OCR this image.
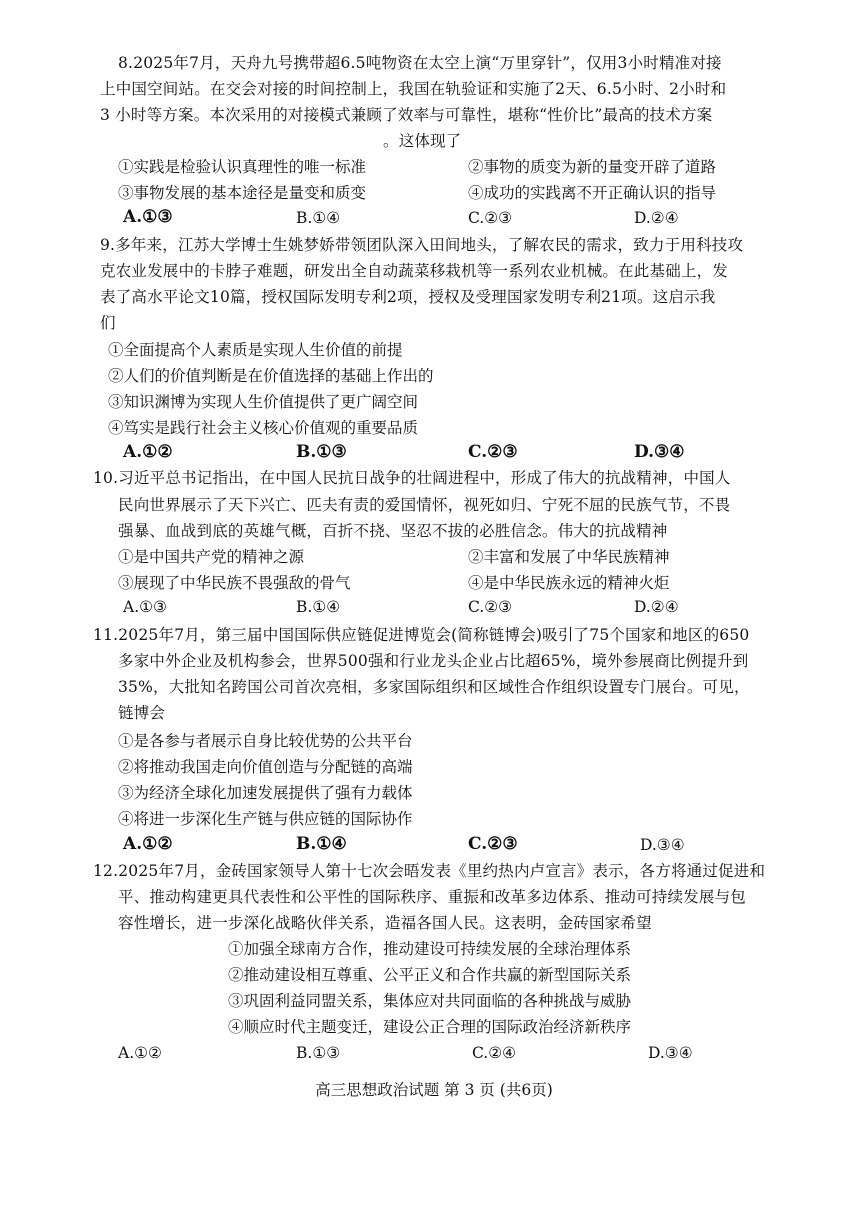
8.2025年7月，天舟九号携带超6.5吨物资在太空上演“万里穿针”，仅用3小时精准对接
上中国空间站。在交会对接的时间控制上，我国在轨验证和实施了2天、6.5小时、2小时和
3 小时等方案。本次采用的对接模式兼顾了效率与可靠性，堪称“性价比”最高的技术方案
。这体现了
①实践是检验认识真理性的唯一标准	②事物的质变为新的量变开辟了道路
③事物发展的基本途径是量变和质变	④成功的实践离不开正确认识的指导
A.①③	B.①④	C.②③	D.②④
9.多年来，江苏大学博士生姚梦娇带领团队深入田间地头，了解农民的需求，致力于用科技攻
克农业发展中的卡脖子难题，研发出全自动蔬菜移栽机等一系列农业机械。在此基础上，发
表了高水平论文10篇，授权国际发明专利2项，授权及受理国家发明专利21项。这启示我
们
①全面提高个人素质是实现人生价值的前提
②人们的价值判断是在价值选择的基础上作出的
③知识渊博为实现人生价值提供了更广阔空间
④笃实是践行社会主义核心价值观的重要品质
A.①②	B.①③	C.②③	D.③④
10.习近平总书记指出，在中国人民抗日战争的壮阔进程中，形成了伟大的抗战精神，中国人
民向世界展示了天下兴亡、匹夫有责的爱国情怀，视死如归、宁死不屈的民族气节，不畏
强暴、血战到底的英雄气概，百折不挠、坚忍不拔的必胜信念。伟大的抗战精神
①是中国共产党的精神之源	②丰富和发展了中华民族精神
③展现了中华民族不畏强敌的骨气	④是中华民族永远的精神火炬
A.①③	B.①④	C.②③	D.②④
11.2025年7月，第三届中国国际供应链促进博览会(简称链博会)吸引了75个国家和地区的650
多家中外企业及机构参会，世界500强和行业龙头企业占比超65%，境外参展商比例提升到
35%，大批知名跨国公司首次亮相，多家国际组织和区域性合作组织设置专门展台。可见，
链博会
①是各参与者展示自身比较优势的公共平台
②将推动我国走向价值创造与分配链的高端
③为经济全球化加速发展提供了强有力载体
④将进一步深化生产链与供应链的国际协作
A.①②	B.①④	C.②③	D.③④
12.2025年7月，金砖国家领导人第十七次会晤发表《里约热内卢宣言》表示，各方将通过促进和
平、推动构建更具代表性和公平性的国际秩序、重振和改革多边体系、推动可持续发展与包
容性增长，进一步深化战略伙伴关系，造福各国人民。这表明，金砖国家希望
①加强全球南方合作，推动建设可持续发展的全球治理体系
②推动建设相互尊重、公平正义和合作共赢的新型国际关系
③巩固利益同盟关系，集体应对共同面临的各种挑战与威胁
④顺应时代主题变迁，建设公正合理的国际政治经济新秩序
A.①②	B.①③	C.②④	D.③④
高三思想政治试题 第 3 页 (共6页)
